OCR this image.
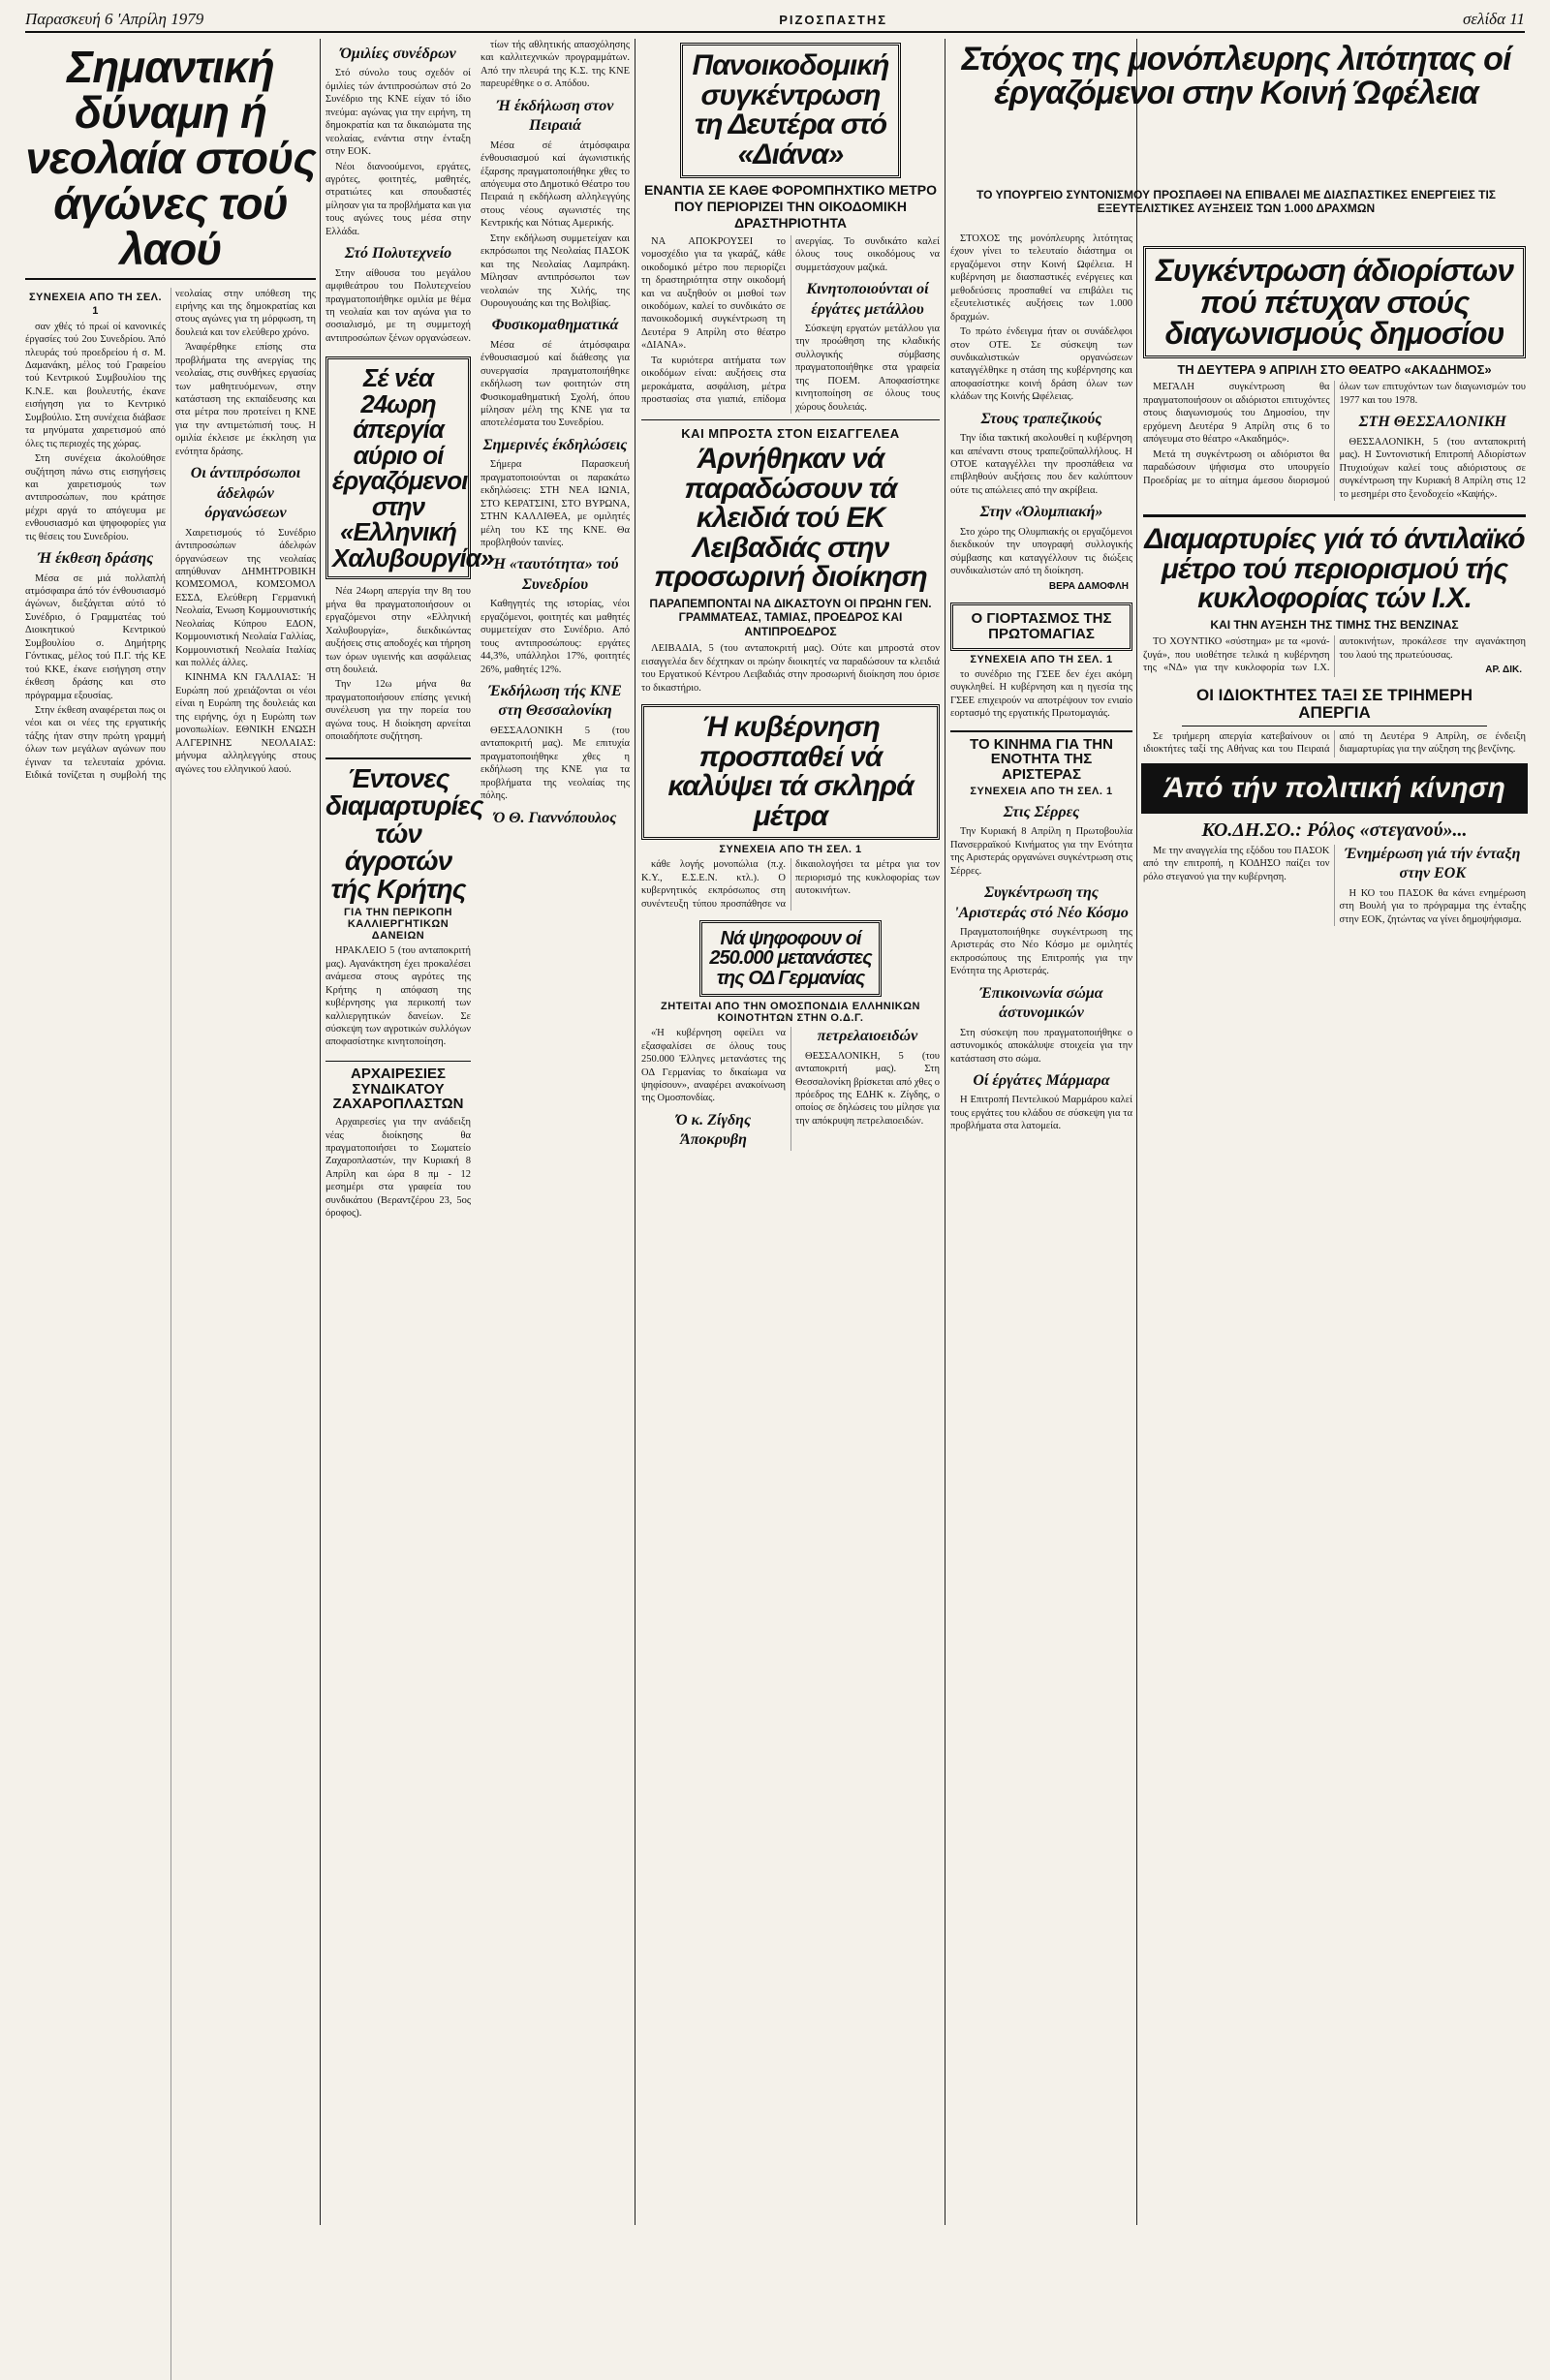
Παρασκευή 6 'Απρίλη 1979	ΡΙΖΟΣΠΑΣΤΗΣ	σελίδα 11
Σημαντική δύναμη ή νεολαία στούς άγώνες τού λαού
ΣΥΝΕΧΕΙΑ ΑΠΟ ΤΗ ΣΕΛ. 1

σαν χθές τό πρωί οί κανονικές έργασίες τού 2ου Συνεδρίου. Άπό πλευράς τού προεδρείου ή σ. Μ. Δαμανάκη, μέλος τού Γραφείου τού Κεντρικού Συμβουλίου της Κ.Ν.Ε. και βουλευτής, έκανε εισήγηση για το Κεντρικό Συμβούλιο. Στη συνέχεια διάβασε τα μηνύματα χαιρετισμού από όλες τις περιοχές της χώρας.

Στη συνέχεια άκολούθησε συζήτηση πάνω στις εισηγήσεις και χαιρετισμούς των αντιπροσώπων, που κράτησε μέχρι αργά το απόγευμα με ενθουσιασμό και ψηφοφορίες για τις θέσεις του Συνεδρίου.

Ή έκθεση δράσης

Μέσα σε μιά πολλαπλή ατμόσφαιρα άπό τόν ένθουσιασμό άγώνων, διεξάγεται αύτό τό Συνέδριο, ό Γραμματέας τού Διοικητικού Κεντρικού Συμβουλίου σ. Δημήτρης Γόντικας, μέλος τού Π.Γ. τής ΚΕ τού ΚΚΕ, έκανε εισήγηση στην έκθεση δράσης και στο πρόγραμμα εξουσίας.

Στην έκθεση αναφέρεται πως οι νέοι και οι νέες της εργατικής τάξης ήταν στην πρώτη γραμμή όλων των μεγάλων αγώνων που έγιναν τα τελευταία χρόνια. Ειδικά τονίζεται η συμβολή της νεολαίας στην υπόθεση της ειρήνης και της δημοκρατίας και στους αγώνες για τη μόρφωση, τη δουλειά και τον ελεύθερο χρόνο.

Άναφέρθηκε επίσης στα προβλήματα της ανεργίας της νεολαίας, στις συνθήκες εργασίας των μαθητευόμενων, στην κατάσταση της εκπαίδευσης και στα μέτρα που προτείνει η ΚΝΕ για την αντιμετώπισή τους. Η ομιλία έκλεισε με έκκληση για ενότητα δράσης.

Οι άντιπρόσωποι άδελφών όργανώσεων

Χαιρετισμούς τό Συνέδριο άντιπροσώπων άδελφών όργανώσεων της νεολαίας απηύθυναν ΔΗΜΗΤΡΟΒΙΚΗ ΚΟΜΣΟΜΟΛ, ΚΟΜΣΟΜΟΛ ΕΣΣΔ, Ελεύθερη Γερμανική Νεολαία, Ένωση Κομμουνιστικής Νεολαίας Κύπρου ΕΔΟΝ, Κομμουνιστική Νεολαία Γαλλίας, Κομμουνιστική Νεολαία Ιταλίας και πολλές άλλες.

ΚΙΝΗΜΑ ΚΝ ΓΑΛΛΙΑΣ: Ή Ευρώπη πού χρειάζονται οι νέοι είναι η Ευρώπη της δουλειάς και της ειρήνης, όχι η Ευρώπη των μονοπωλίων. ΕΘΝΙΚΗ ΕΝΩΣΗ ΑΛΓΕΡΙΝΗΣ ΝΕΟΛΑΙΑΣ: μήνυμα αλληλεγγύης στους αγώνες του ελληνικού λαού.

Όμιλίες συνέδρων

Στό σύνολο τους σχεδόν οί όμιλίες τών άντιπροσώπων στό 2ο Συνέδριο της ΚΝΕ είχαν τό ίδιο πνεύμα: αγώνας για την ειρήνη, τη δημοκρατία και τα δικαιώματα της νεολαίας, ενάντια στην ένταξη στην ΕΟΚ.

Νέοι διανοούμενοι, εργάτες, αγρότες, φοιτητές, μαθητές, στρατιώτες και σπουδαστές μίλησαν για τα προβλήματα και για τους αγώνες τους μέσα στην Ελλάδα.

Στό Πολυτεχνείο

Στην αίθουσα του μεγάλου αμφιθεάτρου του Πολυτεχνείου πραγματοποιήθηκε ομιλία με θέμα τη νεολαία και τον αγώνα για το σοσιαλισμό, με τη συμμετοχή αντιπροσώπων ξένων οργανώσεων.

Σέ νέα 24ωρη άπεργία αύριο οί έργαζόμενοι στην «Ελληνική Χαλυβουργία»

Νέα 24ωρη απεργία την 8η του μήνα θα πραγματοποιήσουν οι εργαζόμενοι στην «Ελληνική Χαλυβουργία», διεκδικώντας αυξήσεις στις αποδοχές και τήρηση των όρων υγιεινής και ασφάλειας στη δουλειά.

Την 12ω μήνα θα πραγματοποιήσουν επίσης γενική συνέλευση για την πορεία του αγώνα τους. Η διοίκηση αρνείται οποιαδήποτε συζήτηση.

Έντονες διαμαρτυρίες τών άγροτών τής Κρήτης
ΓΙΑ ΤΗΝ ΠΕΡΙΚΟΠΗ ΚΑΛΛΙΕΡΓΗΤΙΚΩΝ ΔΑΝΕΙΩΝ

ΗΡΑΚΛΕΙΟ 5 (του ανταποκριτή μας). Αγανάκτηση έχει προκαλέσει ανάμεσα στους αγρότες της Κρήτης η απόφαση της κυβέρνησης για περικοπή των καλλιεργητικών δανείων. Σε σύσκεψη των αγροτικών συλλόγων αποφασίστηκε κινητοποίηση.

ΑΡΧΑΙΡΕΣΙΕΣ ΣΥΝΔΙΚΑΤΟΥ ΖΑΧΑΡΟΠΛΑΣΤΩΝ

Αρχαιρεσίες για την ανάδειξη νέας διοίκησης θα πραγματοποιήσει το Σωματείο Ζαχαροπλαστών, την Κυριακή 8 Απρίλη και ώρα 8 πμ - 12 μεσημέρι στα γραφεία του συνδικάτου (Βεραντζέρου 23, 5ος όροφος).

τίων τής αθλητικής απασχόλησης και καλλιτεχνικών προγραμμάτων. Από την πλευρά της Κ.Σ. της ΚΝΕ παρευρέθηκε ο σ. Απόδου.

Ή έκδήλωση στον Πειραιά

Μέσα σέ άτμόσφαιρα ένθουσιασμού καί άγωνιστικής έξαρσης πραγματοποιήθηκε χθες το απόγευμα στο Δημοτικό Θέατρο του Πειραιά η εκδήλωση αλληλεγγύης στους νέους αγωνιστές της Κεντρικής και Νότιας Αμερικής.

Στην εκδήλωση συμμετείχαν και εκπρόσωποι της Νεολαίας ΠΑΣΟΚ και της Νεολαίας Λαμπράκη. Μίλησαν αντιπρόσωποι των νεολαιών της Χιλής, της Ουρουγουάης και της Βολιβίας.

Φυσικομαθηματικά

Μέσα σέ άτμόσφαιρα ένθουσιασμού καί διάθεσης για συνεργασία πραγματοποιήθηκε εκδήλωση των φοιτητών στη Φυσικομαθηματική Σχολή, όπου μίλησαν μέλη της ΚΝΕ για τα αποτελέσματα του Συνεδρίου.

Σημερινές έκδηλώσεις

Σήμερα Παρασκευή πραγματοποιούνται οι παρακάτω εκδηλώσεις: ΣΤΗ ΝΕΑ ΙΩΝΙΑ, ΣΤΟ ΚΕΡΑΤΣΙΝΙ, ΣΤΟ ΒΥΡΩΝΑ, ΣΤΗΝ ΚΑΛΛΙΘΕΑ, με ομιλητές μέλη του ΚΣ της ΚΝΕ. Θα προβληθούν ταινίες.

Ή «ταυτότητα» τού Συνεδρίου

Καθηγητές της ιστορίας, νέοι εργαζόμενοι, φοιτητές και μαθητές συμμετείχαν στο Συνέδριο. Από τους αντιπροσώπους: εργάτες 44,3%, υπάλληλοι 17%, φοιτητές 26%, μαθητές 12%.

Έκδήλωση τής ΚΝΕ στη Θεσσαλονίκη

ΘΕΣΣΑΛΟΝΙΚΗ 5 (του ανταποκριτή μας). Με επιτυχία πραγματοποιήθηκε χθες η εκδήλωση της ΚΝΕ για τα προβλήματα της νεολαίας της πόλης.

Ό Θ. Γιαννόπουλος
Πανοικοδομική συγκέντρωση τη Δευτέρα στό «Διάνα»
ΕΝΑΝΤΙΑ ΣΕ ΚΑΘΕ ΦΟΡΟΜΠΗΧΤΙΚΟ ΜΕΤΡΟ ΠΟΥ ΠΕΡΙΟΡΙΖΕΙ ΤΗΝ ΟΙΚΟΔΟΜΙΚΗ ΔΡΑΣΤΗΡΙΟΤΗΤΑ

ΝΑ ΑΠΟΚΡΟΥΣΕΙ το νομοσχέδιο για τα γκαράζ, κάθε οικοδομικό μέτρο που περιορίζει τη δραστηριότητα στην οικοδομή και να αυξηθούν οι μισθοί των οικοδόμων, καλεί το συνδικάτο σε πανοικοδομική συγκέντρωση τη Δευτέρα 9 Απρίλη στο θέατρο «ΔΙΑΝΑ».

Τα κυριότερα αιτήματα των οικοδόμων είναι: αυξήσεις στα μεροκάματα, ασφάλιση, μέτρα προστασίας στα γιαπιά, επίδομα ανεργίας. Το συνδικάτο καλεί όλους τους οικοδόμους να συμμετάσχουν μαζικά.

Κινητοποιούνται οί έργάτες μετάλλου

Σύσκεψη εργατών μετάλλου για την προώθηση της κλαδικής συλλογικής σύμβασης πραγματοποιήθηκε στα γραφεία της ΠΟΕΜ. Αποφασίστηκε κινητοποίηση σε όλους τους χώρους δουλειάς.

ΚΑΙ ΜΠΡΟΣΤΑ ΣΤΟΝ ΕΙΣΑΓΓΕΛΕΑ
Άρνήθηκαν νά παραδώσουν τά κλειδιά τού ΕΚ Λειβαδιάς στην προσωρινή διοίκηση
ΠΑΡΑΠΕΜΠΟΝΤΑΙ ΝΑ ΔΙΚΑΣΤΟΥΝ ΟΙ ΠΡΩΗΝ ΓΕΝ. ΓΡΑΜΜΑΤΕΑΣ, ΤΑΜΙΑΣ, ΠΡΟΕΔΡΟΣ ΚΑΙ ΑΝΤΙΠΡΟΕΔΡΟΣ

ΛΕΙΒΑΔΙΑ, 5 (του ανταποκριτή μας). Ούτε και μπροστά στον εισαγγελέα δεν δέχτηκαν οι πρώην διοικητές να παραδώσουν τα κλειδιά του Εργατικού Κέντρου Λειβαδιάς στην προσωρινή διοίκηση που όρισε το δικαστήριο.

Ή κυβέρνηση προσπαθεί νά καλύψει τά σκληρά μέτρα
ΣΥΝΕΧΕΙΑ ΑΠΟ ΤΗ ΣΕΛ. 1

κάθε λογής μονοπώλια (π.χ. Κ.Υ., Ε.Σ.Ε.Ν. κτλ.). Ο κυβερνητικός εκπρόσωπος στη συνέντευξη τύπου προσπάθησε να δικαιολογήσει τα μέτρα για τον περιορισμό της κυκλοφορίας των αυτοκινήτων.

Νά ψηφοφουν οί 250.000 μετανάστες της ΟΔ Γερμανίας
ΖΗΤΕΙΤΑΙ ΑΠΟ ΤΗΝ ΟΜΟΣΠΟΝΔΙΑ ΕΛΛΗΝΙΚΩΝ ΚΟΙΝΟΤΗΤΩΝ ΣΤΗΝ Ο.Δ.Γ.

«Ή κυβέρνηση οφείλει να εξασφαλίσει σε όλους τους 250.000 Έλληνες μετανάστες της ΟΔ Γερμανίας το δικαίωμα να ψηφίσουν», αναφέρει ανακοίνωση της Ομοσπονδίας.

Ό κ. Ζίγδης Άποκρυβη πετρελαιοειδών

ΘΕΣΣΑΛΟΝΙΚΗ, 5 (του ανταποκριτή μας). Στη Θεσσαλονίκη βρίσκεται από χθες ο πρόεδρος της ΕΔΗΚ κ. Ζίγδης, ο οποίος σε δηλώσεις του μίλησε για την απόκρυψη πετρελαιοειδών.

Στόχος της μονόπλευρης λιτότητας οί έργαζόμενοι στην Κοινή Ώφέλεια
ΤΟ ΥΠΟΥΡΓΕΙΟ ΣΥΝΤΟΝΙΣΜΟΥ ΠΡΟΣΠΑΘΕΙ ΝΑ ΕΠΙΒΑΛΕΙ ΜΕ ΔΙΑΣΠΑΣΤΙΚΕΣ ΕΝΕΡΓΕΙΕΣ ΤΙΣ ΕΞΕΥΤΕΛΙΣΤΙΚΕΣ ΑΥΞΗΣΕΙΣ ΤΩΝ 1.000 ΔΡΑΧΜΩΝ

ΣΤΟΧΟΣ της μονόπλευρης λιτότητας έχουν γίνει το τελευταίο διάστημα οι εργαζόμενοι στην Κοινή Ωφέλεια. Η κυβέρνηση με διασπαστικές ενέργειες και μεθοδεύσεις προσπαθεί να επιβάλει τις εξευτελιστικές αυξήσεις των 1.000 δραχμών.

Το πρώτο ένδειγμα ήταν οι συνάδελφοι στον ΟΤΕ. Σε σύσκεψη των συνδικαλιστικών οργανώσεων καταγγέλθηκε η στάση της κυβέρνησης και αποφασίστηκε κοινή δράση όλων των κλάδων της Κοινής Ωφέλειας.

Στους τραπεζικούς

Την ίδια τακτική ακολουθεί η κυβέρνηση και απέναντι στους τραπεζοϋπαλλήλους. Η ΟΤΟΕ καταγγέλλει την προσπάθεια να επιβληθούν αυξήσεις που δεν καλύπτουν ούτε τις απώλειες από την ακρίβεια.

Στην «Όλυμπιακή»

Στο χώρο της Ολυμπιακής οι εργαζόμενοι διεκδικούν την υπογραφή συλλογικής σύμβασης και καταγγέλλουν τις διώξεις συνδικαλιστών από τη διοίκηση.

ΒΕΡΑ ΔΑΜΟΦΛΗ
Ο ΓΙΟΡΤΑΣΜΟΣ ΤΗΣ ΠΡΩΤΟΜΑΓΙΑΣ
ΣΥΝΕΧΕΙΑ ΑΠΟ ΤΗ ΣΕΛ. 1

το συνέδριο της ΓΣΕΕ δεν έχει ακόμη συγκληθεί. Η κυβέρνηση και η ηγεσία της ΓΣΕΕ επιχειρούν να αποτρέψουν τον ενιαίο εορτασμό της εργατικής Πρωτομαγιάς.

ΤΟ ΚΙΝΗΜΑ ΓΙΑ ΤΗΝ ΕΝΟΤΗΤΑ ΤΗΣ ΑΡΙΣΤΕΡΑΣ
ΣΥΝΕΧΕΙΑ ΑΠΟ ΤΗ ΣΕΛ. 1
Στις Σέρρες

Την Κυριακή 8 Απρίλη η Πρωτοβουλία Πανσερραϊκού Κινήματος για την Ενότητα της Αριστεράς οργανώνει συγκέντρωση στις Σέρρες.

Συγκέντρωση της 'Αριστεράς στό Νέο Κόσμο

Πραγματοποιήθηκε συγκέντρωση της Αριστεράς στο Νέο Κόσμο με ομιλητές εκπροσώπους της Επιτροπής για την Ενότητα της Αριστεράς.

Έπικοινωνία σώμα άστυνομικών

Στη σύσκεψη που πραγματοποιήθηκε ο αστυνομικός αποκάλυψε στοιχεία για την κατάσταση στο σώμα.

Οί έργάτες Μάρμαρα

Η Επιτροπή Πεντελικού Μαρμάρου καλεί τους εργάτες του κλάδου σε σύσκεψη για τα προβλήματα στα λατομεία.

Συγκέντρωση άδιορίστων πού πέτυχαν στούς διαγωνισμούς δημοσίου
ΤΗ ΔΕΥΤΕΡΑ 9 ΑΠΡΙΛΗ ΣΤΟ ΘΕΑΤΡΟ «ΑΚΑΔΗΜΟΣ»

ΜΕΓΑΛΗ συγκέντρωση θα πραγματοποιήσουν οι αδιόριστοι επιτυχόντες στους διαγωνισμούς του Δημοσίου, την ερχόμενη Δευτέρα 9 Απρίλη στις 6 το απόγευμα στο θέατρο «Ακαδημός».

Μετά τη συγκέντρωση οι αδιόριστοι θα παραδώσουν ψήφισμα στο υπουργείο Προεδρίας με το αίτημα άμεσου διορισμού όλων των επιτυχόντων των διαγωνισμών του 1977 και του 1978.

ΣΤΗ ΘΕΣΣΑΛΟΝΙΚΗ

ΘΕΣΣΑΛΟΝΙΚΗ, 5 (του ανταποκριτή μας). Η Συντονιστική Επιτροπή Αδιορίστων Πτυχιούχων καλεί τους αδιόριστους σε συγκέντρωση την Κυριακή 8 Απρίλη στις 12 το μεσημέρι στο ξενοδοχείο «Καψής».

Διαμαρτυρίες γιά τό άντιλαϊκό μέτρο τού περιορισμού τής κυκλοφορίας τών Ι.Χ.
ΚΑΙ ΤΗΝ ΑΥΞΗΣΗ ΤΗΣ ΤΙΜΗΣ ΤΗΣ ΒΕΝΖΙΝΑΣ

ΤΟ ΧΟΥΝΤΙΚΟ «σύστημα» με τα «μονά-ζυγά», που υιοθέτησε τελικά η κυβέρνηση της «ΝΔ» για την κυκλοφορία των Ι.Χ. αυτοκινήτων, προκάλεσε την αγανάκτηση του λαού της πρωτεύουσας.

ΑΡ. ΔΙΚ.
ΟΙ ΙΔΙΟΚΤΗΤΕΣ ΤΑΞΙ ΣΕ ΤΡΙΗΜΕΡΗ ΑΠΕΡΓΙΑ

Σε τριήμερη απεργία κατεβαίνουν οι ιδιοκτήτες ταξί της Αθήνας και του Πειραιά από τη Δευτέρα 9 Απρίλη, σε ένδειξη διαμαρτυρίας για την αύξηση της βενζίνης.

Άπό τήν πολιτική κίνηση
ΚΟ.ΔΗ.ΣΟ.: Ρόλος «στεγανού»...

Με την αναγγελία της εξόδου του ΠΑΣΟΚ από την επιτροπή, η ΚΟΔΗΣΟ παίζει τον ρόλο στεγανού για την κυβέρνηση.

Ένημέρωση γιά τήν ένταξη στην ΕΟΚ

Η ΚΟ του ΠΑΣΟΚ θα κάνει ενημέρωση στη Βουλή για το πρόγραμμα της ένταξης στην ΕΟΚ, ζητώντας να γίνει δημοψήφισμα.
